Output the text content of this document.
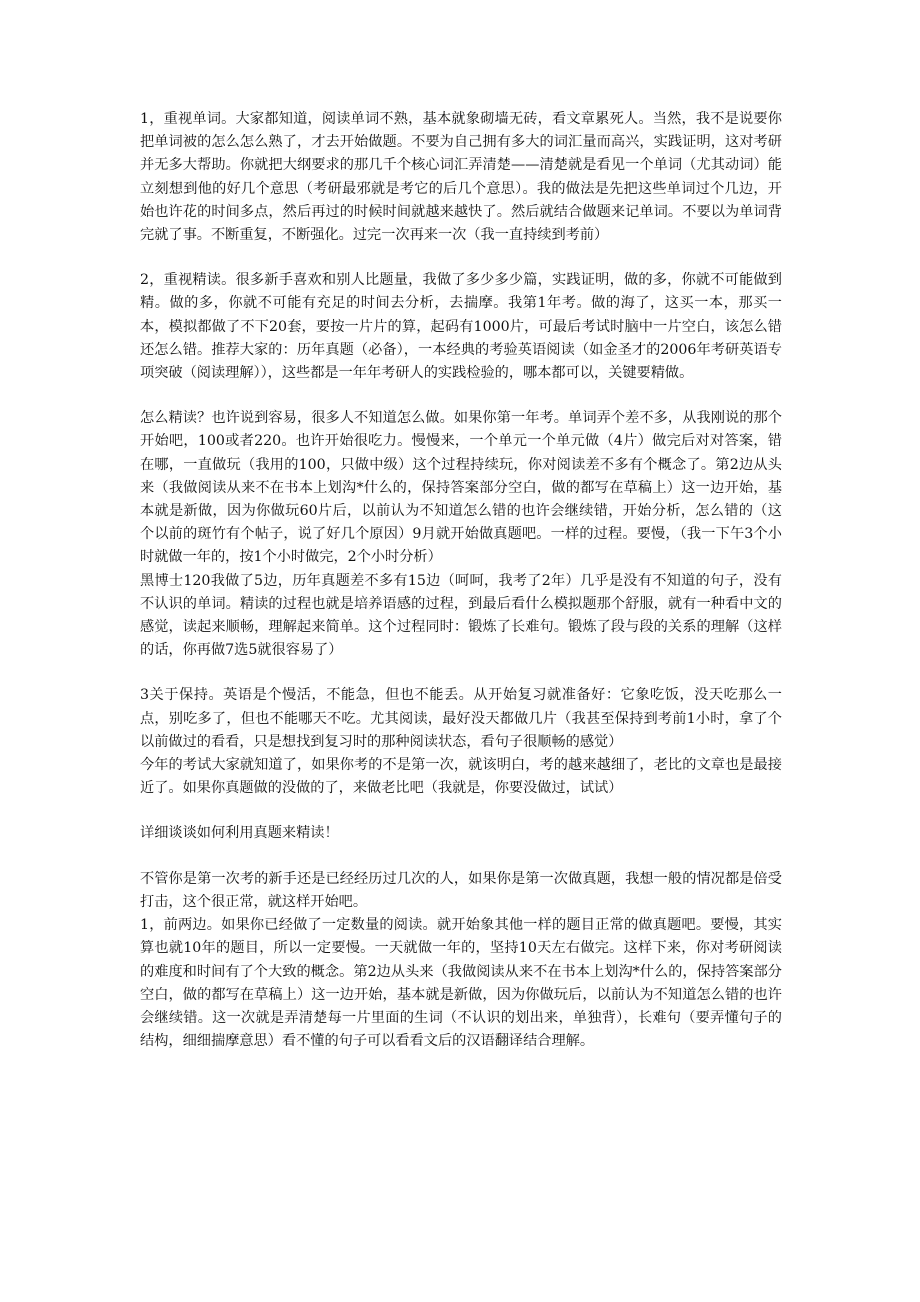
1，重视单词。大家都知道，阅读单词不熟，基本就象砌墙无砖，看文章累死人。当然，我不是说要你把单词被的怎么怎么熟了，才去开始做题。不要为自己拥有多大的词汇量而高兴，实践证明，这对考研并无多大帮助。你就把大纲要求的那几千个核心词汇弄清楚——清楚就是看见一个单词（尤其动词）能立刻想到他的好几个意思（考研最邪就是考它的后几个意思）。我的做法是先把这些单词过个几边，开始也许花的时间多点，然后再过的时候时间就越来越快了。然后就结合做题来记单词。不要以为单词背完就了事。不断重复，不断强化。过完一次再来一次（我一直持续到考前）

2，重视精读。很多新手喜欢和别人比题量，我做了多少多少篇，实践证明，做的多，你就不可能做到精。做的多，你就不可能有充足的时间去分析，去揣摩。我第1年考。做的海了，这买一本，那买一本，模拟都做了不下20套，要按一片片的算，起码有1000片，可最后考试时脑中一片空白，该怎么错还怎么错。推荐大家的：历年真题（必备），一本经典的考验英语阅读（如金圣才的2006年考研英语专项突破（阅读理解）），这些都是一年年考研人的实践检验的，哪本都可以，关键要精做。

怎么精读？也许说到容易，很多人不知道怎么做。如果你第一年考。单词弄个差不多，从我刚说的那个开始吧，100或者220。也许开始很吃力。慢慢来，一个单元一个单元做（4片）做完后对对答案，错在哪，一直做玩（我用的100，只做中级）这个过程持续玩，你对阅读差不多有个概念了。第2边从头来（我做阅读从来不在书本上划沟*什么的，保持答案部分空白，做的都写在草稿上）这一边开始，基本就是新做，因为你做玩60片后，以前认为不知道怎么错的也许会继续错，开始分析，怎么错的（这个以前的斑竹有个帖子，说了好几个原因）9月就开始做真题吧。一样的过程。要慢，（我一下午3个小时就做一年的，按1个小时做完，2个小时分析）

黑博士120我做了5边，历年真题差不多有15边（呵呵，我考了2年）几乎是没有不知道的句子，没有不认识的单词。精读的过程也就是培养语感的过程，到最后看什么模拟题那个舒服，就有一种看中文的感觉，读起来顺畅，理解起来简单。这个过程同时：锻炼了长难句。锻炼了段与段的关系的理解（这样的话，你再做7选5就很容易了）

3关于保持。英语是个慢活，不能急，但也不能丢。从开始复习就准备好：它象吃饭，没天吃那么一点，别吃多了，但也不能哪天不吃。尤其阅读，最好没天都做几片（我甚至保持到考前1小时，拿了个以前做过的看看，只是想找到复习时的那种阅读状态，看句子很顺畅的感觉）

今年的考试大家就知道了，如果你考的不是第一次，就该明白，考的越来越细了，老比的文章也是最接近了。如果你真题做的没做的了，来做老比吧（我就是，你要没做过，试试）

详细谈谈如何利用真题来精读！

不管你是第一次考的新手还是已经经历过几次的人，如果你是第一次做真题，我想一般的情况都是倍受打击，这个很正常，就这样开始吧。

1，前两边。如果你已经做了一定数量的阅读。就开始象其他一样的题目正常的做真题吧。要慢，其实算也就10年的题目，所以一定要慢。一天就做一年的，坚持10天左右做完。这样下来，你对考研阅读的难度和时间有了个大致的概念。第2边从头来（我做阅读从来不在书本上划沟*什么的，保持答案部分空白，做的都写在草稿上）这一边开始，基本就是新做，因为你做玩后，以前认为不知道怎么错的也许会继续错。这一次就是弄清楚每一片里面的生词（不认识的划出来，单独背），长难句（要弄懂句子的结构，细细揣摩意思）看不懂的句子可以看看文后的汉语翻译结合理解。
